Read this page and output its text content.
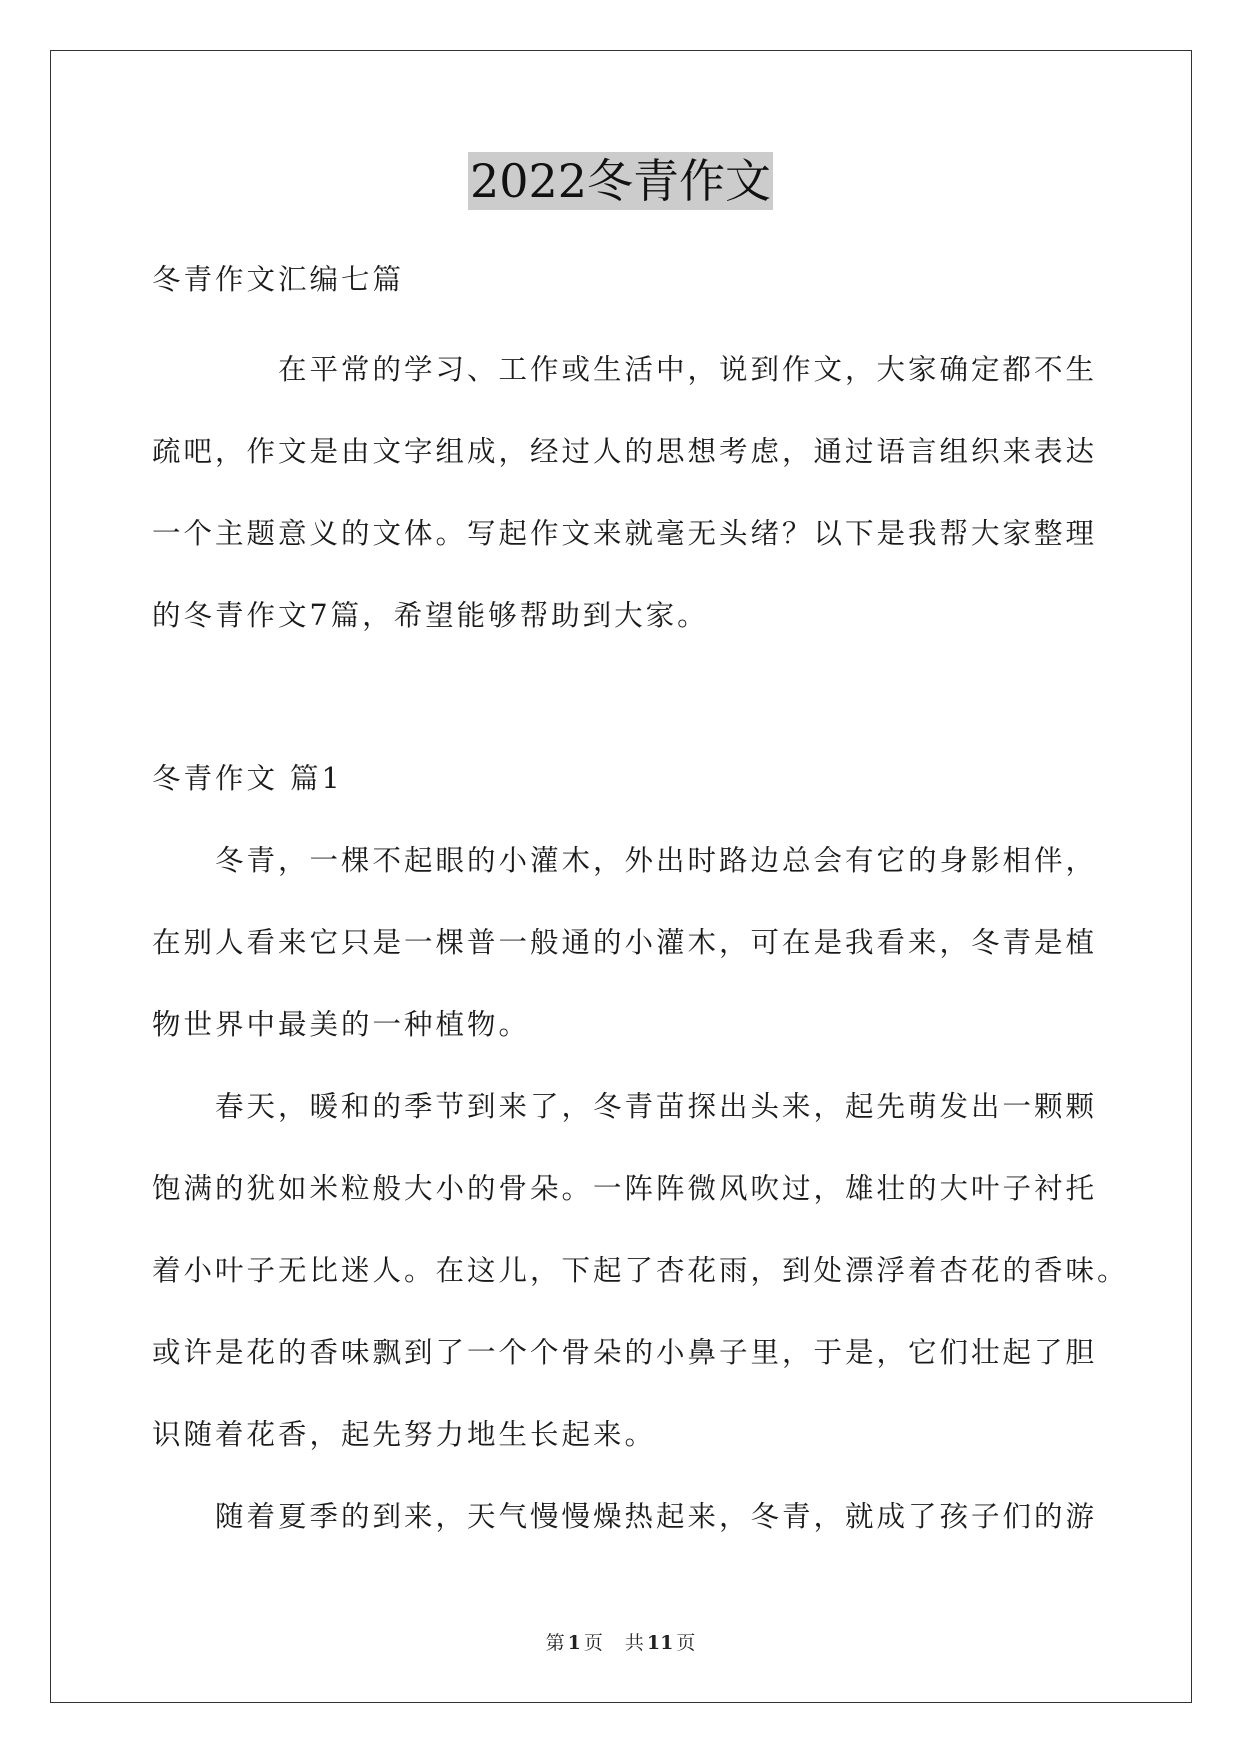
2022冬青作文
冬青作文汇编七篇
在平常的学习、工作或生活中，说到作文，大家确定都不生
疏吧，作文是由文字组成，经过人的思想考虑，通过语言组织来表达
一个主题意义的文体。写起作文来就毫无头绪？以下是我帮大家整理
的冬青作文7篇，希望能够帮助到大家。
冬青作文 篇1
冬青，一棵不起眼的小灌木，外出时路边总会有它的身影相伴，
在别人看来它只是一棵普一般通的小灌木，可在是我看来，冬青是植
物世界中最美的一种植物。
春天，暖和的季节到来了，冬青苗探出头来，起先萌发出一颗颗
饱满的犹如米粒般大小的骨朵。一阵阵微风吹过，雄壮的大叶子衬托
着小叶子无比迷人。在这儿，下起了杏花雨，到处漂浮着杏花的香味。
或许是花的香味飘到了一个个骨朵的小鼻子里，于是，它们壮起了胆
识随着花香，起先努力地生长起来。
随着夏季的到来，天气慢慢燥热起来，冬青，就成了孩子们的游
第 1 页 共 11 页
